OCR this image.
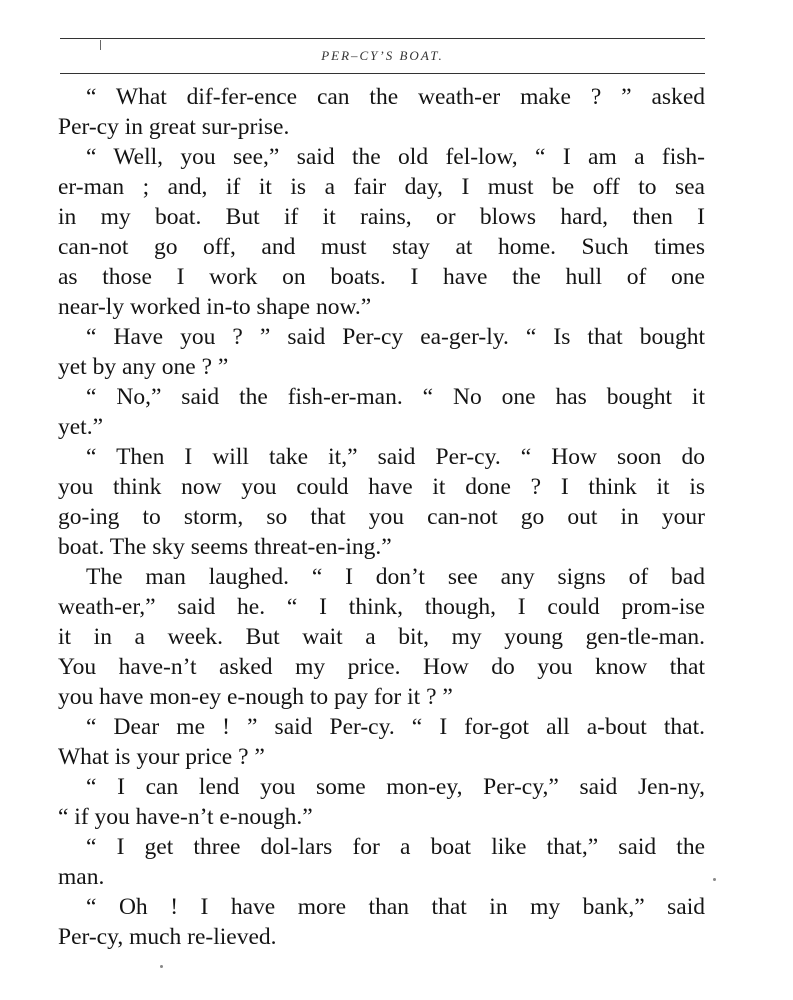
PER–CY’S BOAT.
“ What dif-fer-ence can the weath-er make ? ” asked
Per-cy in great sur-prise.
“ Well, you see,” said the old fel-low, “ I am a fish-
er-man ; and, if it is a fair day, I must be off to sea
in my boat. But if it rains, or blows hard, then I
can-not go off, and must stay at home. Such times
as those I work on boats. I have the hull of one
near-ly worked in-to shape now.”
“ Have you ? ” said Per-cy ea-ger-ly. “ Is that bought
yet by any one ? ”
“ No,” said the fish-er-man. “ No one has bought it
yet.”
“ Then I will take it,” said Per-cy. “ How soon do
you think now you could have it done ? I think it is
go-ing to storm, so that you can-not go out in your
boat. The sky seems threat-en-ing.”
The man laughed. “ I don’t see any signs of bad
weath-er,” said he. “ I think, though, I could prom-ise
it in a week. But wait a bit, my young gen-tle-man.
You have-n’t asked my price. How do you know that
you have mon-ey e-nough to pay for it ? ”
“ Dear me ! ” said Per-cy. “ I for-got all a-bout that.
What is your price ? ”
“ I can lend you some mon-ey, Per-cy,” said Jen-ny,
“ if you have-n’t e-nough.”
“ I get three dol-lars for a boat like that,” said the
man.
“ Oh ! I have more than that in my bank,” said
Per-cy, much re-lieved.
